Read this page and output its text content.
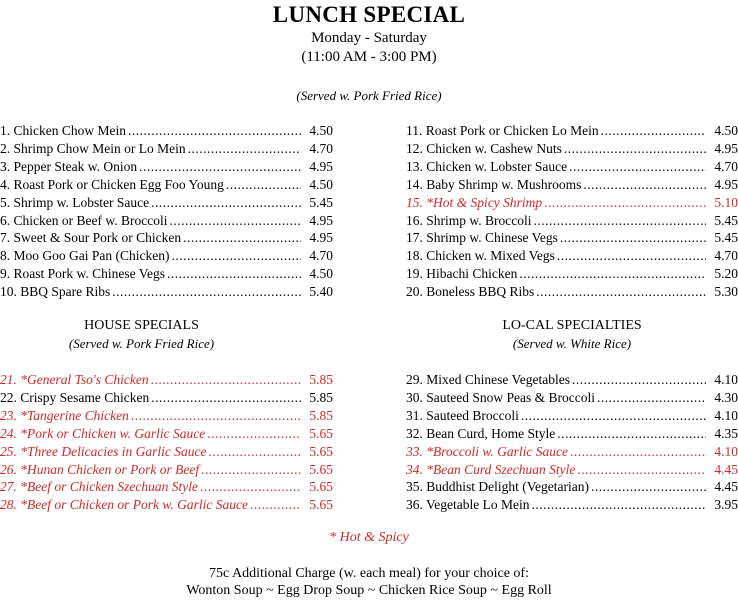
LUNCH SPECIAL
Monday - Saturday
(11:00 AM - 3:00 PM)
(Served w. Pork Fried Rice)
1. Chicken Chow Mein .....	4.50
2. Shrimp Chow Mein or Lo Mein .....	4.70
3. Pepper Steak w. Onion .....	4.95
4. Roast Pork or Chicken Egg Foo Young .....	4.50
5. Shrimp w. Lobster Sauce .....	5.45
6. Chicken or Beef w. Broccoli .....	4.95
7. Sweet & Sour Pork or Chicken .....	4.95
8. Moo Goo Gai Pan (Chicken) .....	4.70
9. Roast Pork w. Chinese Vegs .....	4.50
10. BBQ Spare Ribs .....	5.40
11. Roast Pork or Chicken Lo Mein .....	4.50
12. Chicken w. Cashew Nuts .....	4.95
13. Chicken w. Lobster Sauce .....	4.70
14. Baby Shrimp w. Mushrooms .....	4.95
15. *Hot & Spicy Shrimp .....	5.10
16. Shrimp w. Broccoli .....	5.45
17. Shrimp w. Chinese Vegs .....	5.45
18. Chicken w. Mixed Vegs .....	4.70
19. Hibachi Chicken .....	5.20
20. Boneless BBQ Ribs .....	5.30
HOUSE SPECIALS
(Served w. Pork Fried Rice)
LO-CAL SPECIALTIES
(Served w. White Rice)
21. *General Tso's Chicken .....	5.85
22. Crispy Sesame Chicken .....	5.85
23. *Tangerine Chicken .....	5.85
24. *Pork or Chicken w. Garlic Sauce .....	5.65
25. *Three Delicacies in Garlic Sauce .....	5.65
26. *Hunan Chicken or Pork or Beef .....	5.65
27. *Beef or Chicken Szechuan Style .....	5.65
28. *Beef or Chicken or Pork w. Garlic Sauce .....	5.65
29. Mixed Chinese Vegetables .....	4.10
30. Sauteed Snow Peas & Broccoli .....	4.30
31. Sauteed Broccoli .....	4.10
32. Bean Curd, Home Style .....	4.35
33. *Broccoli w. Garlic Sauce .....	4.10
34. *Bean Curd Szechuan Style .....	4.45
35. Buddhist Delight (Vegetarian) .....	4.45
36. Vegetable Lo Mein .....	3.95
* Hot & Spicy
75c Additional Charge (w. each meal) for your choice of:
Wonton Soup ~ Egg Drop Soup ~ Chicken Rice Soup ~ Egg Roll
